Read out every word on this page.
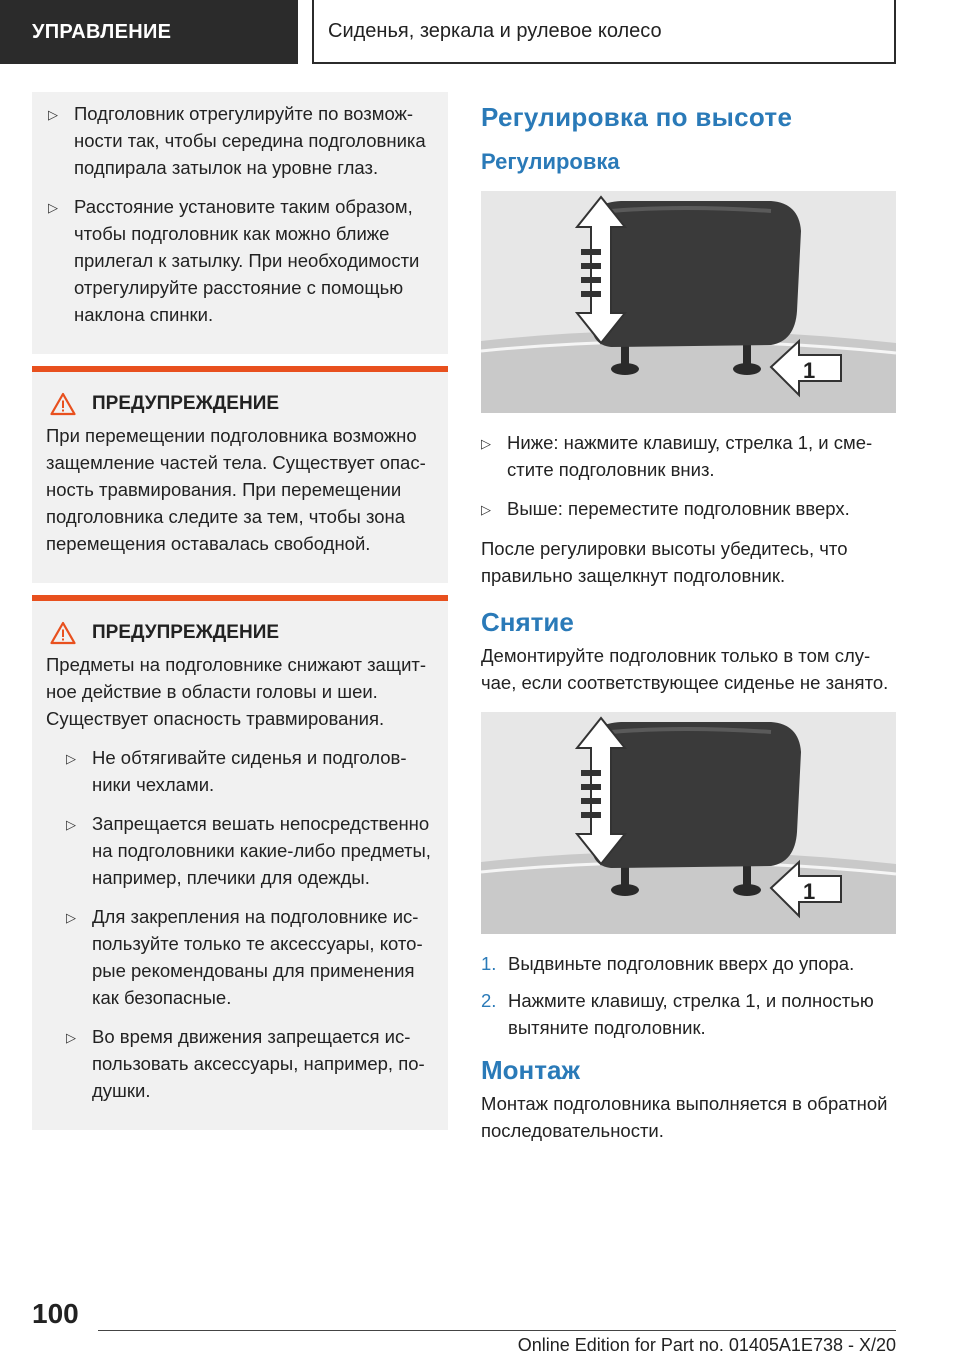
УПРАВЛЕНИЕ	Сиденья, зеркала и рулевое колесо
▷ Подголовник отрегулируйте по возможности так, чтобы середина подголовника подпирала затылок на уровне глаз.
▷ Расстояние установите таким образом, чтобы подголовник как можно ближе прилегал к затылку. При необходимости отрегулируйте расстояние с помощью наклона спинки.
ПРЕДУПРЕЖДЕНИЕ
При перемещении подголовника возможно защемление частей тела. Существует опасность травмирования. При перемещении подголовника следите за тем, чтобы зона перемещения оставалась свободной.
ПРЕДУПРЕЖДЕНИЕ
Предметы на подголовнике снижают защитное действие в области головы и шеи. Существует опасность травмирования.
▷ Не обтягивайте сиденья и подголовники чехлами.
▷ Запрещается вешать непосредственно на подголовники какие-либо предметы, например, плечики для одежды.
▷ Для закрепления на подголовнике используйте только те аксессуары, которые рекомендованы для применения как безопасные.
▷ Во время движения запрещается использовать аксессуары, например, подушки.
Регулировка по высоте
Регулировка
1
▷ Ниже: нажмите клавишу, стрелка 1, и сместите подголовник вниз.
▷ Выше: переместите подголовник вверх.
После регулировки высоты убедитесь, что правильно защелкнут подголовник.
Снятие
Демонтируйте подголовник только в том случае, если соответствующее сиденье не занято.
1
1. Выдвиньте подголовник вверх до упора.
2. Нажмите клавишу, стрелка 1, и полностью вытяните подголовник.
Монтаж
Монтаж подголовника выполняется в обратной последовательности.
100
Online Edition for Part no. 01405A1E738 - X/20
